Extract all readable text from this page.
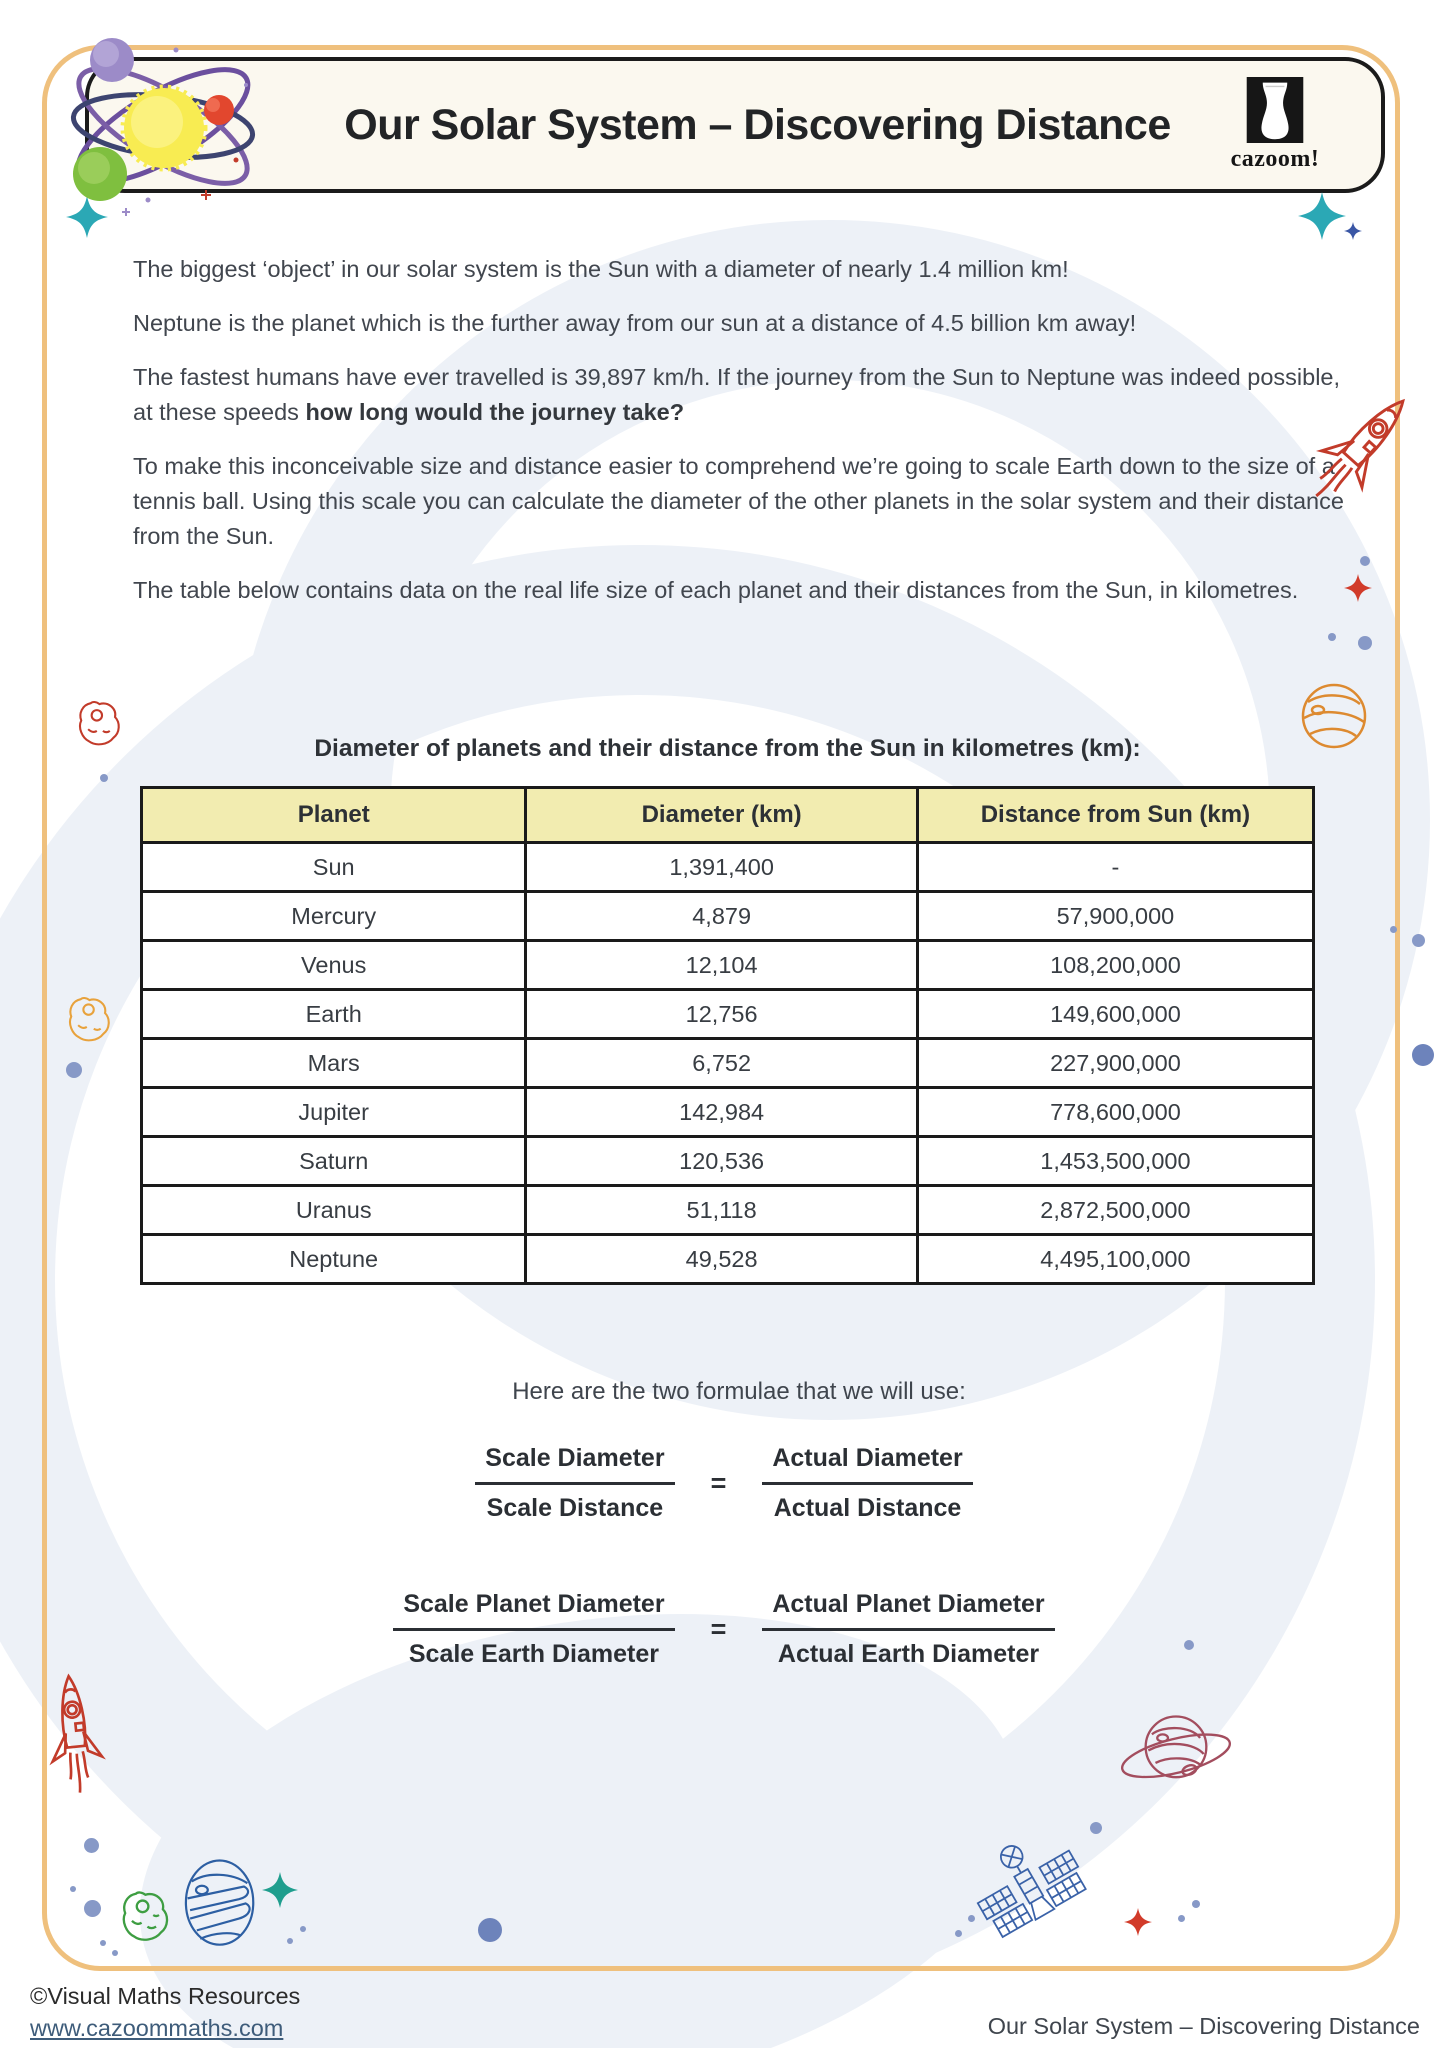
Our Solar System – Discovering Distance
cazoom!

The biggest ‘object’ in our solar system is the Sun with a diameter of nearly 1.4 million km!

Neptune is the planet which is the further away from our sun at a distance of 4.5 billion km away!

The fastest humans have ever travelled is 39,897 km/h. If the journey from the Sun to Neptune was indeed possible, at these speeds how long would the journey take?

To make this inconceivable size and distance easier to comprehend we’re going to scale Earth down to the size of a tennis ball. Using this scale you can calculate the diameter of the other planets in the solar system and their distance from the Sun.

The table below contains data on the real life size of each planet and their distances from the Sun, in kilometres.

Diameter of planets and their distance from the Sun in kilometres (km):
Planet	Diameter (km)	Distance from Sun (km)
Sun	1,391,400	-
Mercury	4,879	57,900,000
Venus	12,104	108,200,000
Earth	12,756	149,600,000
Mars	6,752	227,900,000
Jupiter	142,984	778,600,000
Saturn	120,536	1,453,500,000
Uranus	51,118	2,872,500,000
Neptune	49,528	4,495,100,000
Here are the two formulae that we will use:
$\frac{\text{Scale Diameter}}{\text{Scale Distance}} = \frac{\text{Actual Diameter}}{\text{Actual Distance}}$
$\frac{\text{Scale Planet Diameter}}{\text{Scale Earth Diameter}} = \frac{\text{Actual Planet Diameter}}{\text{Actual Earth Diameter}}$
©Visual Maths Resources
www.cazoommaths.com	Our Solar System – Discovering Distance
